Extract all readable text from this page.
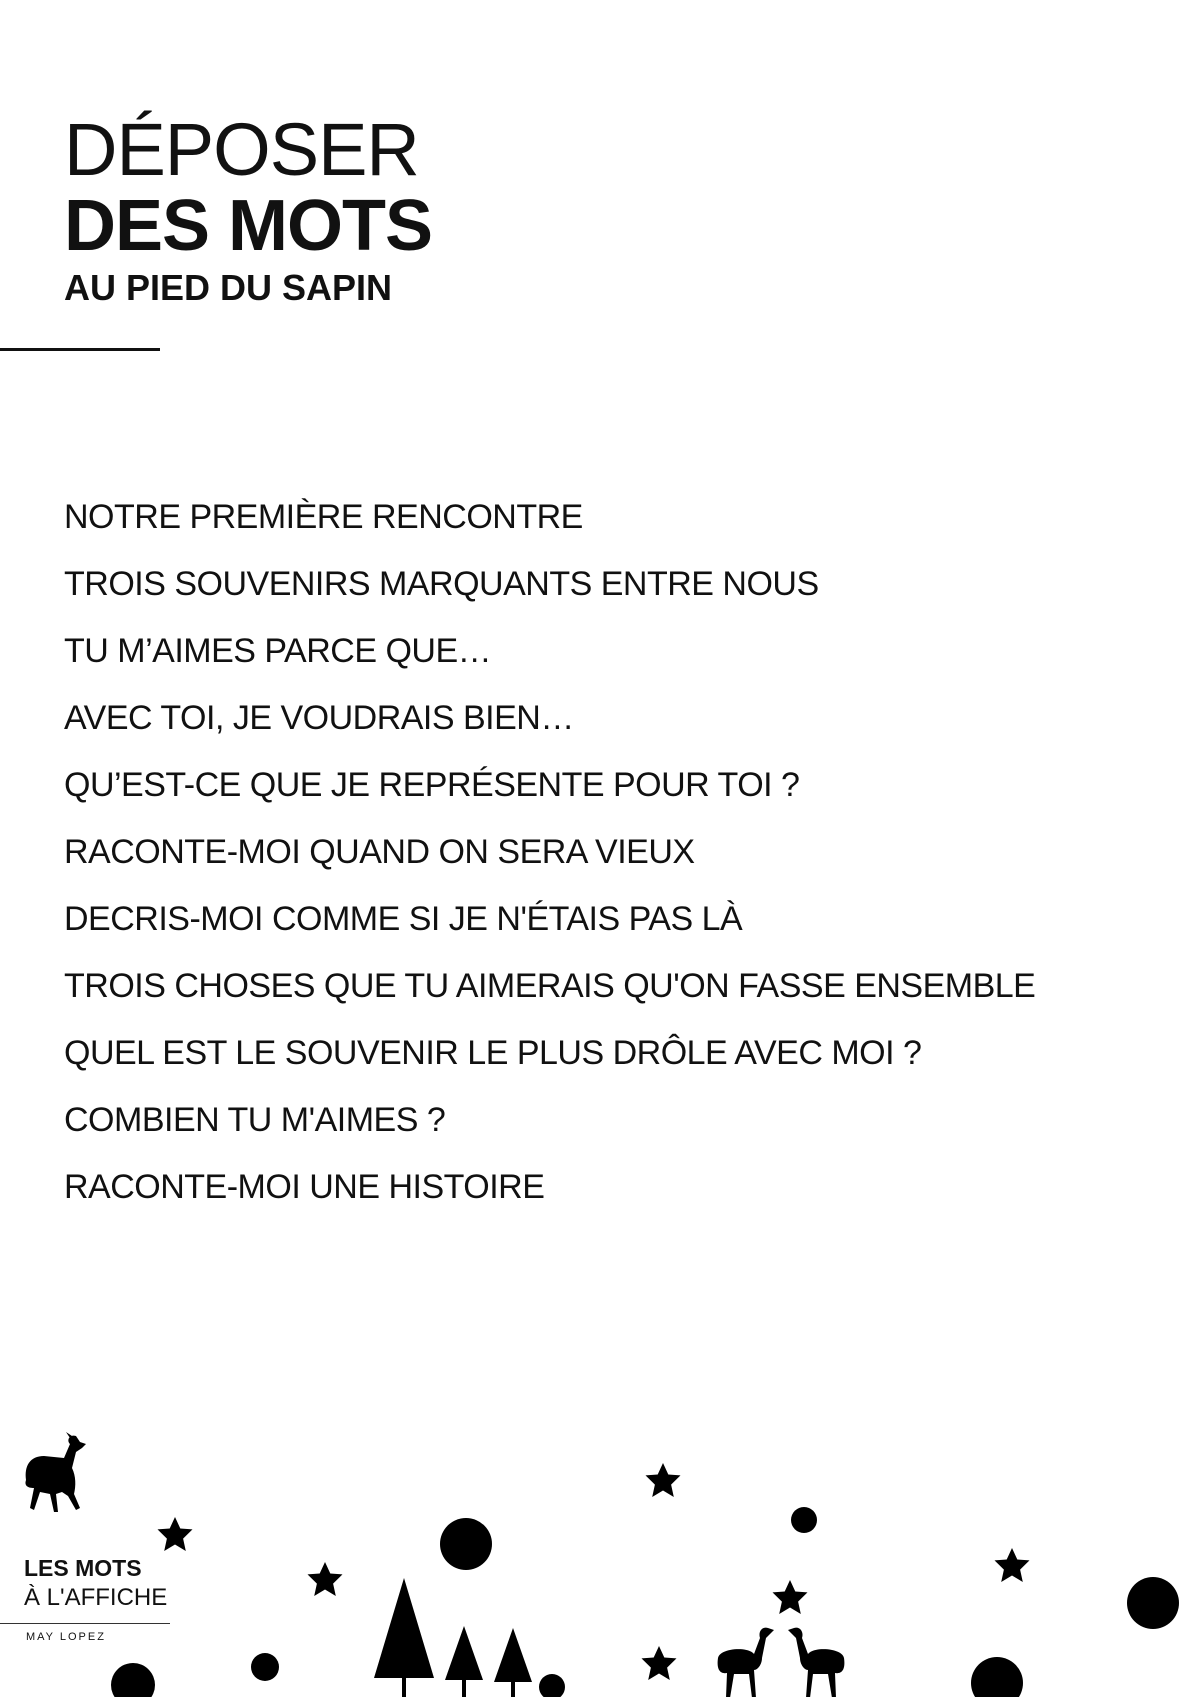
DÉPOSER
DES MOTS
AU PIED DU SAPIN
NOTRE PREMIÈRE RENCONTRE
TROIS SOUVENIRS MARQUANTS ENTRE NOUS
TU M’AIMES PARCE QUE…
AVEC TOI, JE VOUDRAIS BIEN…
QU’EST-CE QUE JE REPRÉSENTE POUR TOI ?
RACONTE-MOI QUAND ON SERA VIEUX
DECRIS-MOI COMME SI JE N'ÉTAIS PAS LÀ
TROIS CHOSES QUE TU AIMERAIS QU'ON FASSE ENSEMBLE
QUEL EST LE SOUVENIR LE PLUS DRÔLE AVEC MOI ?
COMBIEN TU M'AIMES ?
RACONTE-MOI UNE HISTOIRE
LES MOTS
À L'AFFICHE
MAY LOPEZ
